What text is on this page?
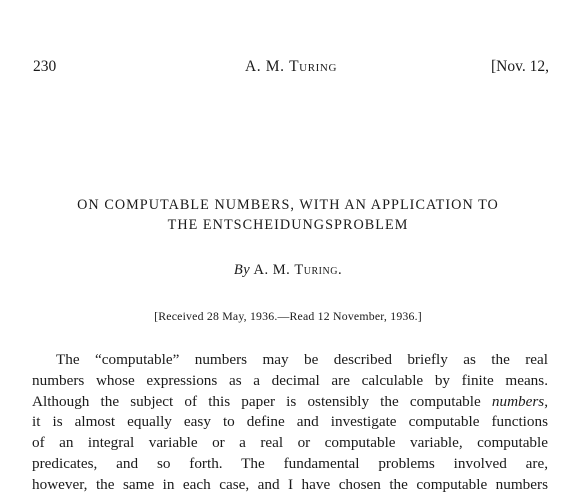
230	A. M. Turing	[Nov. 12,
ON COMPUTABLE NUMBERS, WITH AN APPLICATION TO
THE ENTSCHEIDUNGSPROBLEM
By A. M. Turing.
[Received 28 May, 1936.—Read 12 November, 1936.]
The “computable” numbers may be described briefly as the real
numbers whose expressions as a decimal are calculable by finite means.
Although the subject of this paper is ostensibly the computable numbers,
it is almost equally easy to define and investigate computable functions
of an integral variable or a real or computable variable, computable
predicates, and so forth. The fundamental problems involved are,
however, the same in each case, and I have chosen the computable numbers
